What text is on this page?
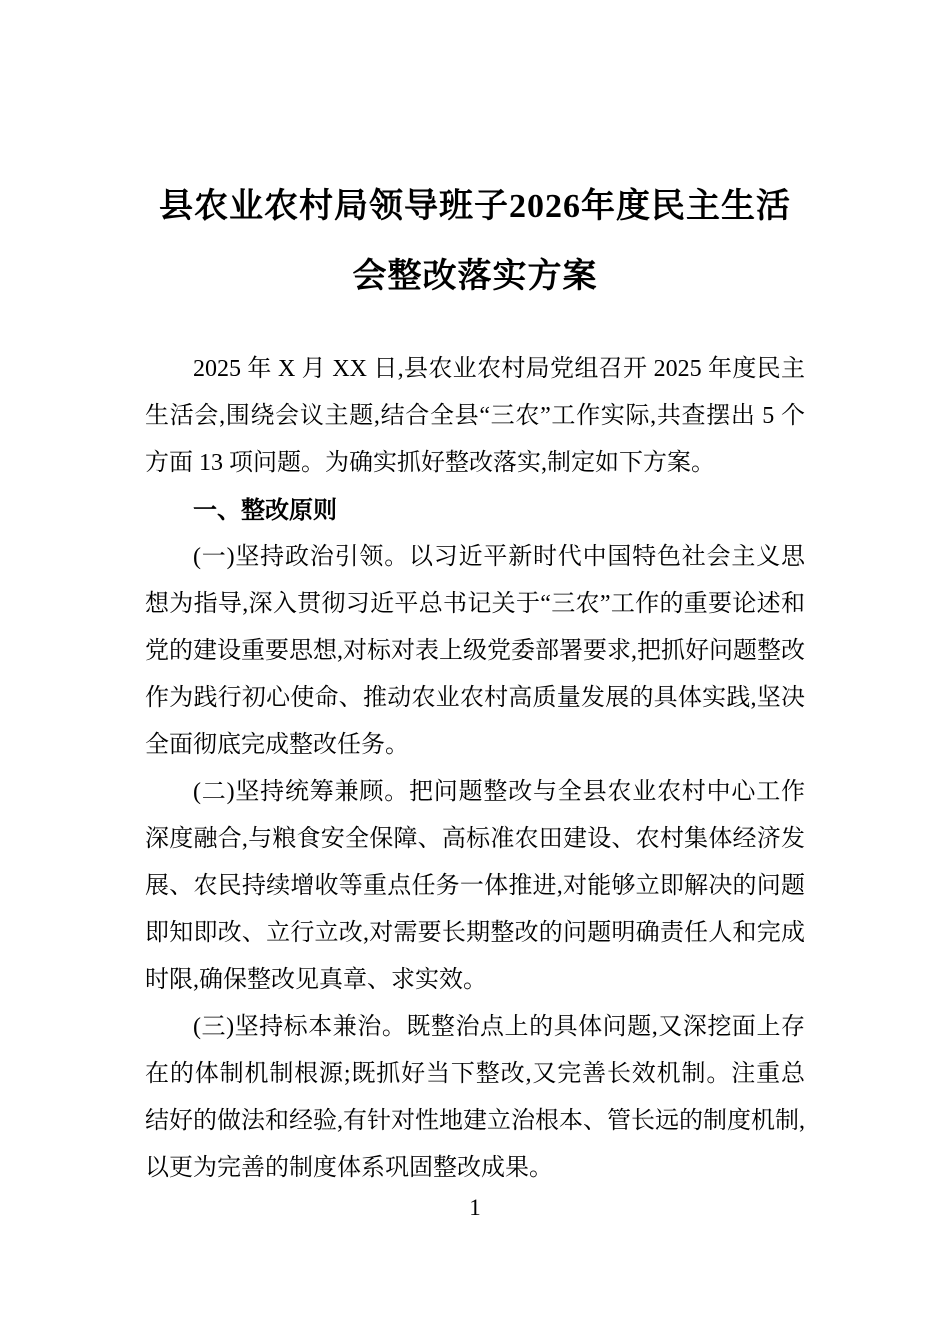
县农业农村局领导班子2026年度民主生活会整改落实方案

2025 年 X 月 XX 日,县农业农村局党组召开 2025 年度民主生活会,围绕会议主题,结合全县“三农”工作实际,共查摆出 5 个方面 13 项问题。为确实抓好整改落实,制定如下方案。

一、整改原则

(一)坚持政治引领。以习近平新时代中国特色社会主义思想为指导,深入贯彻习近平总书记关于“三农”工作的重要论述和党的建设重要思想,对标对表上级党委部署要求,把抓好问题整改作为践行初心使命、推动农业农村高质量发展的具体实践,坚决全面彻底完成整改任务。

(二)坚持统筹兼顾。把问题整改与全县农业农村中心工作深度融合,与粮食安全保障、高标准农田建设、农村集体经济发展、农民持续增收等重点任务一体推进,对能够立即解决的问题即知即改、立行立改,对需要长期整改的问题明确责任人和完成时限,确保整改见真章、求实效。

(三)坚持标本兼治。既整治点上的具体问题,又深挖面上存在的体制机制根源;既抓好当下整改,又完善长效机制。注重总结好的做法和经验,有针对性地建立治根本、管长远的制度机制,以更为完善的制度体系巩固整改成果。

1
